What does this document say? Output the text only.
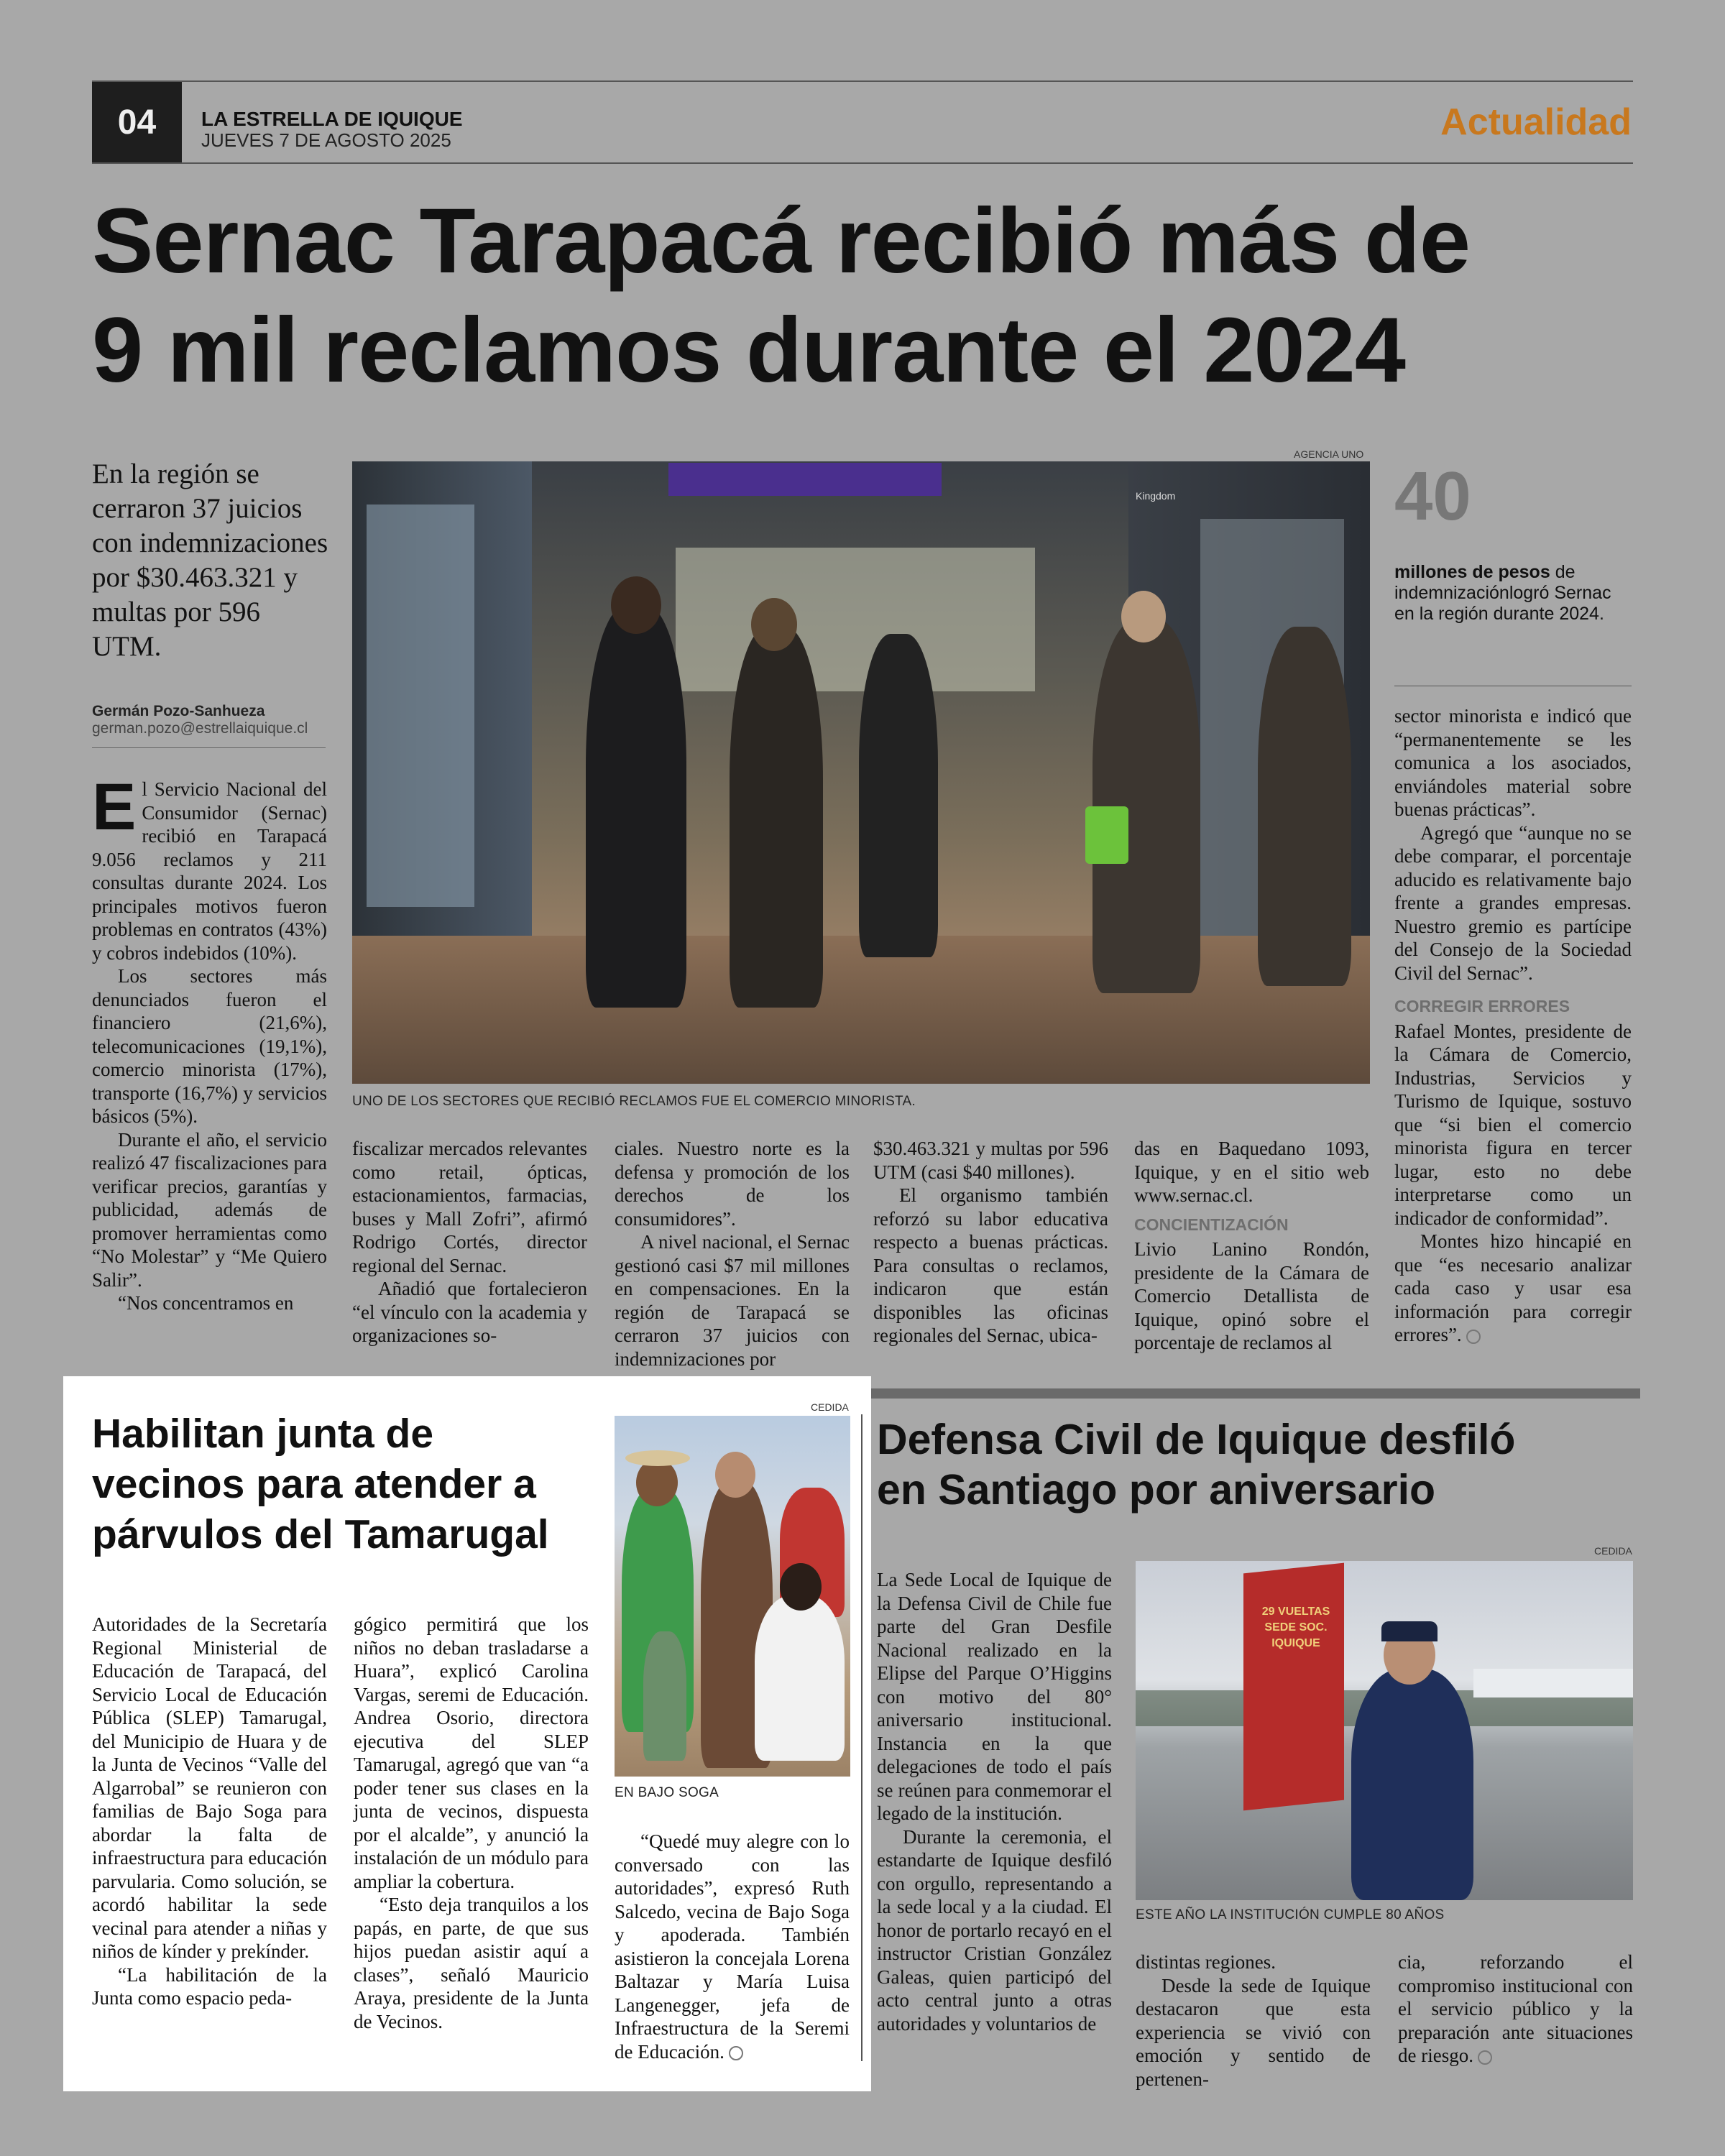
04 LA ESTRELLA DE IQUIQUE
JUEVES 7 DE AGOSTO 2025	Actualidad
Sernac Tarapacá recibió más de
9 mil reclamos durante el 2024
En la región se cerraron 37 juicios con indemnizaciones por $30.463.321 y multas por 596 UTM.
Germán Pozo-Sanhueza
german.pozo@estrellaiquique.cl
AGENCIA UNO
Kingdom
UNO DE LOS SECTORES QUE RECIBIÓ RECLAMOS FUE EL COMERCIO MINORISTA.
40
millones de pesos de indemnizaciónlogró Sernac en la región durante 2024.

El Servicio Nacional del Consumidor (Sernac) recibió en Tarapacá 9.056 reclamos y 211 consultas durante 2024. Los principales motivos fueron problemas en contratos (43%) y cobros indebidos (10%).

Los sectores más denunciados fueron el financiero (21,6%), telecomunicaciones (19,1%), comercio minorista (17%), transporte (16,7%) y servicios básicos (5%).

Durante el año, el servicio realizó 47 fiscalizaciones para verificar precios, garantías y publicidad, además de promover herramientas como “No Molestar” y “Me Quiero Salir”.

“Nos concentramos en

fiscalizar mercados relevantes como retail, ópticas, estacionamientos, farmacias, buses y Mall Zofri”, afirmó Rodrigo Cortés, director regional del Sernac.

Añadió que fortalecieron “el vínculo con la academia y organizaciones so-

ciales. Nuestro norte es la defensa y promoción de los derechos de los consumidores”.

A nivel nacional, el Sernac gestionó casi $7 mil millones en compensaciones. En la región de Tarapacá se cerraron 37 juicios con indemnizaciones por

$30.463.321 y multas por 596 UTM (casi $40 millones).

El organismo también reforzó su labor educativa respecto a buenas prácticas. Para consultas o reclamos, indicaron que están disponibles las oficinas regionales del Sernac, ubica-

das en Baquedano 1093, Iquique, y en el sitio web www.sernac.cl.

CONCIENTIZACIÓN

Livio Lanino Rondón, presidente de la Cámara de Comercio Detallista de Iquique, opinó sobre el porcentaje de reclamos al

sector minorista e indicó que “permanentemente se les comunica a los asociados, enviándoles material sobre buenas prácticas”.

Agregó que “aunque no se debe comparar, el porcentaje aducido es relativamente bajo frente a grandes empresas. Nuestro gremio es partícipe del Consejo de la Sociedad Civil del Sernac”.

CORREGIR ERRORES

Rafael Montes, presidente de la Cámara de Comercio, Industrias, Servicios y Turismo de Iquique, sostuvo que “si bien el comercio minorista figura en tercer lugar, esto no debe interpretarse como un indicador de conformidad”.

Montes hizo hincapié en que “es necesario analizar cada caso y usar esa información para corregir errores”.

Habilitan junta de
vecinos para atender a
párvulos del Tamarugal
CEDIDA
EN BAJO SOGA

Autoridades de la Secretaría Regional Ministerial de Educación de Tarapacá, del Servicio Local de Educación Pública (SLEP) Tamarugal, del Municipio de Huara y de la Junta de Vecinos “Valle del Algarrobal” se reunieron con familias de Bajo Soga para abordar la falta de infraestructura para educación parvularia. Como solución, se acordó habilitar la sede vecinal para atender a niñas y niños de kínder y prekínder.

“La habilitación de la Junta como espacio peda-

gógico permitirá que los niños no deban trasladarse a Huara”, explicó Carolina Vargas, seremi de Educación. Andrea Osorio, directora ejecutiva del SLEP Tamarugal, agregó que van “a poder tener sus clases en la junta de vecinos, dispuesta por el alcalde”, y anunció la instalación de un módulo para ampliar la cobertura.

“Esto deja tranquilos a los papás, en parte, de que sus hijos puedan asistir aquí a clases”, señaló Mauricio Araya, presidente de la Junta de Vecinos.

“Quedé muy alegre con lo conversado con las autoridades”, expresó Ruth Salcedo, vecina de Bajo Soga y apoderada. También asistieron la concejala Lorena Baltazar y María Luisa Langenegger, jefa de Infraestructura de la Seremi de Educación.

Defensa Civil de Iquique desfiló
en Santiago por aniversario
CEDIDA
29 VUELTAS
SEDE SOC.
IQUIQUE
ESTE AÑO LA INSTITUCIÓN CUMPLE 80 AÑOS

La Sede Local de Iquique de la Defensa Civil de Chile fue parte del Gran Desfile Nacional realizado en la Elipse del Parque O’Higgins con motivo del 80° aniversario institucional. Instancia en la que delegaciones de todo el país se reúnen para conmemorar el legado de la institución.

Durante la ceremonia, el estandarte de Iquique desfiló con orgullo, representando a la sede local y a la ciudad. El honor de portarlo recayó en el instructor Cristian González Galeas, quien participó del acto central junto a otras autoridades y voluntarios de

distintas regiones.

Desde la sede de Iquique destacaron que esta experiencia se vivió con emoción y sentido de pertenen-

cia, reforzando el compromiso institucional con el servicio público y la preparación ante situaciones de riesgo.
